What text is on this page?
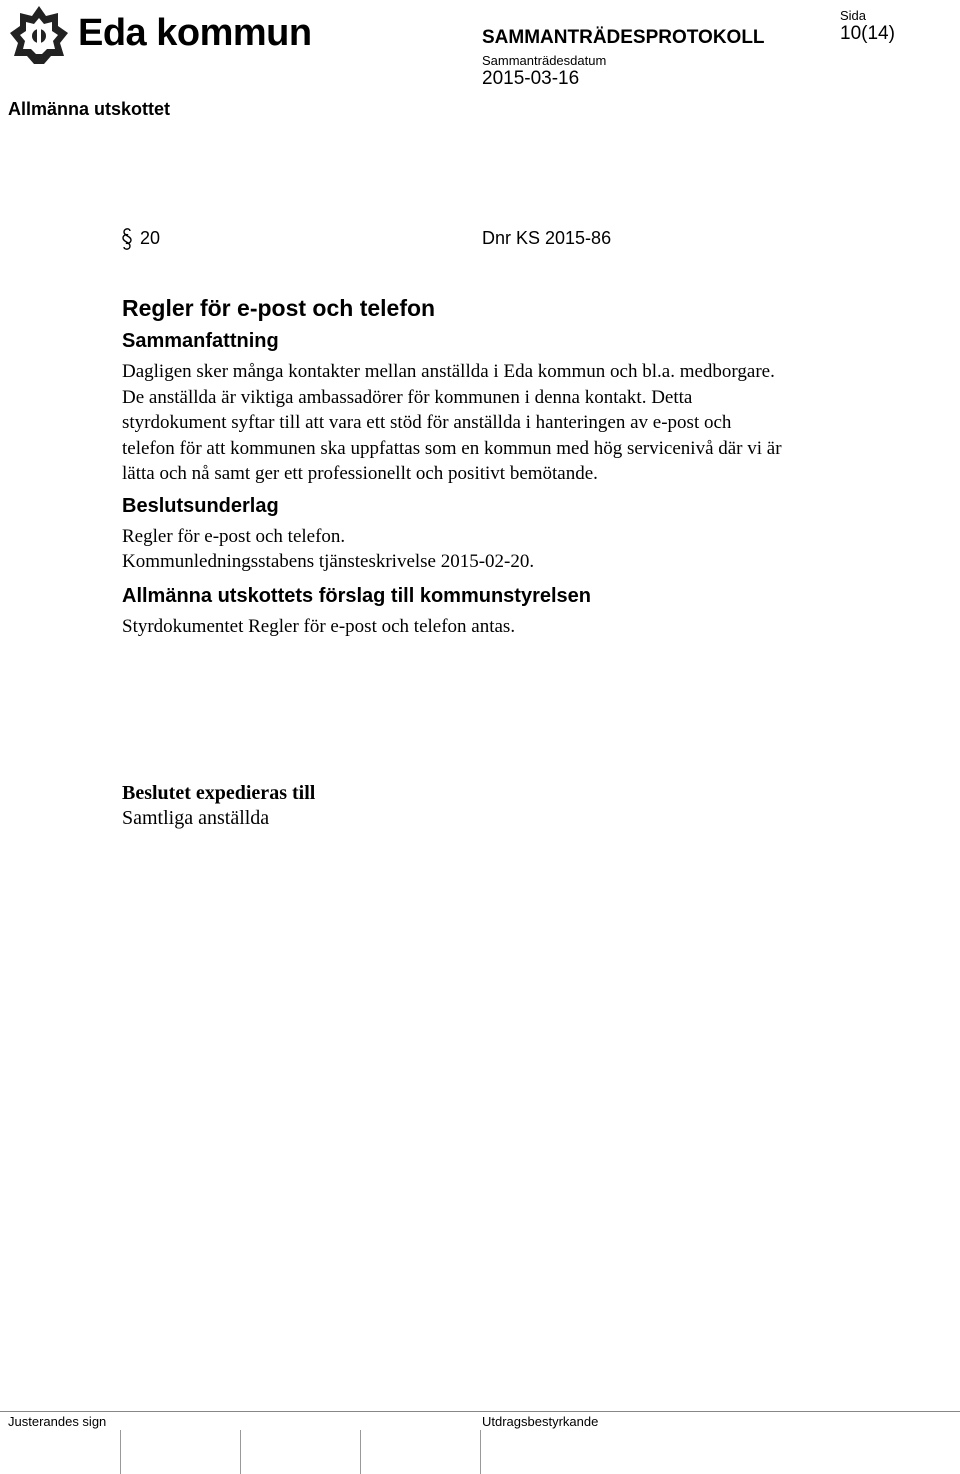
Eda kommun	SAMMANTRÄDESPROTOKOLL
Sammanträdesdatum
2015-03-16
Sida
10(14)
Allmänna utskottet
20	Dnr KS 2015-86
Regler för e-post och telefon
Sammanfattning

Dagligen sker många kontakter mellan anställda i Eda kommun och bl.a. medborgare. De anställda är viktiga ambassadörer för kommunen i denna kontakt. Detta styrdokument syftar till att vara ett stöd för anställda i hanteringen av e-post och telefon för att kommunen ska uppfattas som en kommun med hög servicenivå där vi är lätta och nå samt ger ett professionellt och positivt bemötande.

Beslutsunderlag
Regler för e-post och telefon.
Kommunledningsstabens tjänsteskrivelse 2015-02-20.
Allmänna utskottets förslag till kommunstyrelsen

Styrdokumentet Regler för e-post och telefon antas.

Beslutet expedieras till
Samtliga anställda
Justerandes sign	Utdragsbestyrkande
